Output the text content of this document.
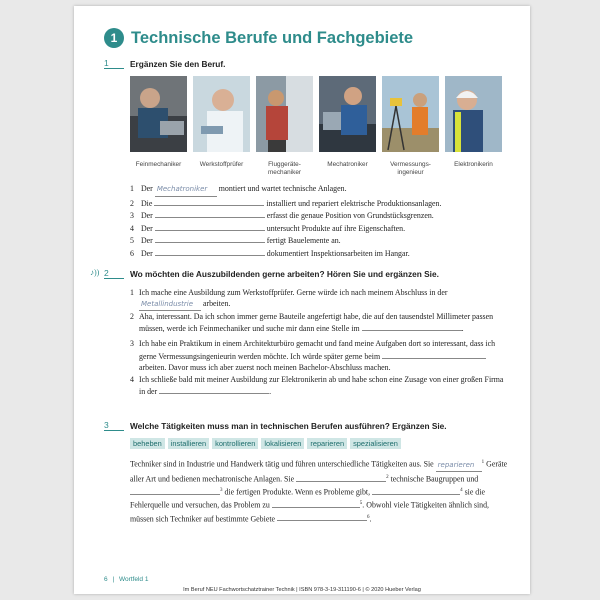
1 Technische Berufe und Fachgebiete
1	Ergänzen Sie den Beruf.
Feinmechaniker	Werkstoffprüfer	Fluggeräte-
mechaniker
Mechatroniker	Vermessungs-
ingenieur
Elektronikerin
1 Der Mechatroniker montiert und wartet technische Anlagen.
2 Die	installiert und repariert elektrische Produktionsanlagen.
3 Der	erfasst die genaue Position von Grundstücksgrenzen.
4 Der	untersucht Produkte auf ihre Eigenschaften.
5 Der	fertigt Bauelemente an.
6 Der	dokumentiert Inspektionsarbeiten im Hangar.
♪)) 2	Wo möchten die Auszubildenden gerne arbeiten? Hören Sie und ergänzen Sie.
1 Ich mache eine Ausbildung zum Werkstoffprüfer. Gerne würde ich nach meinem Abschluss in der Metallindustrie arbeiten.
2 Aha, interessant. Da ich schon immer gerne Bauteile angefertigt habe, die auf den tausendstel Millimeter passen müssen, werde ich Feinmechaniker und suche mir dann eine Stelle im	.
3 Ich habe ein Praktikum in einem Architekturbüro gemacht und fand meine Aufgaben dort so interessant, dass ich gerne Vermessungsingenieurin werden möchte. Ich würde später gerne beim  arbeiten. Davor muss ich aber zuerst noch meinen Bachelor-Abschluss machen.
4 Ich schließe bald mit meiner Ausbildung zur Elektronikerin ab und habe schon eine Zusage von einer großen Firma in der	.
3	Welche Tätigkeiten muss man in technischen Berufen ausführen? Ergänzen Sie.
beheben	installieren	kontrollieren	lokalisieren	reparieren	spezialisieren
Techniker sind in Industrie und Handwerk tätig und führen unterschiedliche Tätigkeiten aus. Sie reparieren $^1$ Geräte aller Art und bedienen mechatronische Anlagen. Sie	$^2$ technische Baugruppen und $^3$ die fertigen Produkte. Wenn es Probleme gibt,	$^4$ sie die Fehlerquelle und versuchen, das Problem zu	$^5$. Obwohl viele Tätigkeiten ähnlich sind, müssen sich Techniker auf bestimmte Gebiete	$^6$.
6 | Wortfeld 1
Im Beruf NEU Fachwortschatztrainer Technik | ISBN 978-3-19-311190-6 | © 2020 Hueber Verlag
